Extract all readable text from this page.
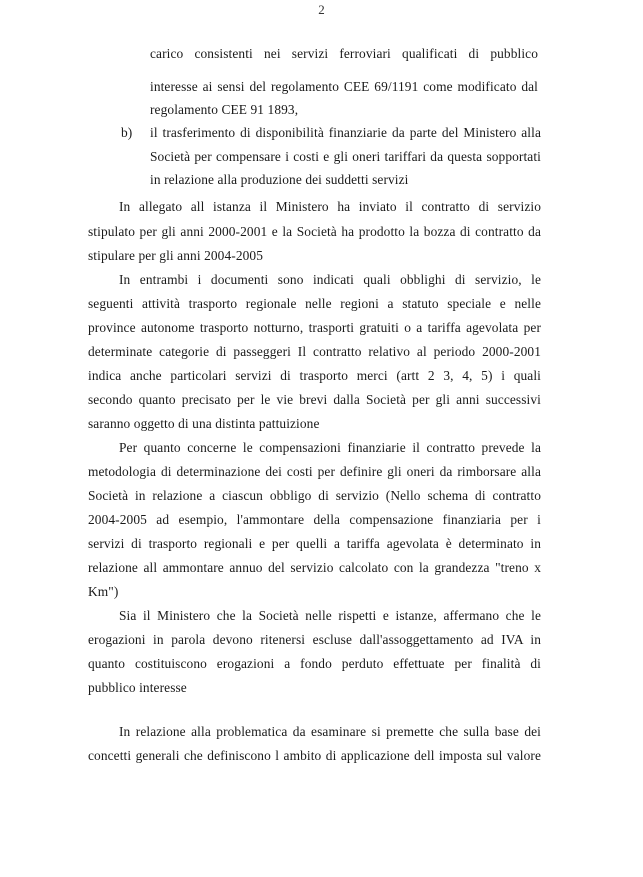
2
carico consistenti nei servizi ferroviari qualificati di pubblico
interesse ai sensi del regolamento CEE 69/1191 come modificato dal
regolamento CEE 91 1893,
b) il trasferimento di disponibilità finanziarie da parte del Ministero alla
Società per compensare i costi e gli oneri tariffari da questa sopportati
in relazione alla produzione dei suddetti servizi
In allegato all istanza il Ministero ha inviato il contratto di servizio
stipulato per gli anni 2000-2001 e la Società ha prodotto la bozza di contratto da
stipulare per gli anni 2004-2005
In entrambi i documenti sono indicati quali obblighi di servizio, le
seguenti attività trasporto regionale nelle regioni a statuto speciale e nelle
province autonome trasporto notturno, trasporti gratuiti o a tariffa agevolata per
determinate categorie di passeggeri Il contratto relativo al periodo 2000-2001
indica anche particolari servizi di trasporto merci (artt 2 3, 4, 5) i quali
secondo quanto precisato per le vie brevi dalla Società per gli anni successivi
saranno oggetto di una distinta pattuizione
Per quanto concerne le compensazioni finanziarie il contratto prevede la
metodologia di determinazione dei costi per definire gli oneri da rimborsare alla
Società in relazione a ciascun obbligo di servizio (Nello schema di contratto
2004-2005 ad esempio, l'ammontare della compensazione finanziaria per i
servizi di trasporto regionali e per quelli a tariffa agevolata è determinato in
relazione all ammontare annuo del servizio calcolato con la grandezza "treno x
Km")
Sia il Ministero che la Società nelle rispetti e istanze, affermano che le
erogazioni in parola devono ritenersi escluse dall'assoggettamento ad IVA in
quanto costituiscono erogazioni a fondo perduto effettuate per finalità di
pubblico interesse
In relazione alla problematica da esaminare si premette che sulla base dei
concetti generali che definiscono l ambito di applicazione dell imposta sul valore
